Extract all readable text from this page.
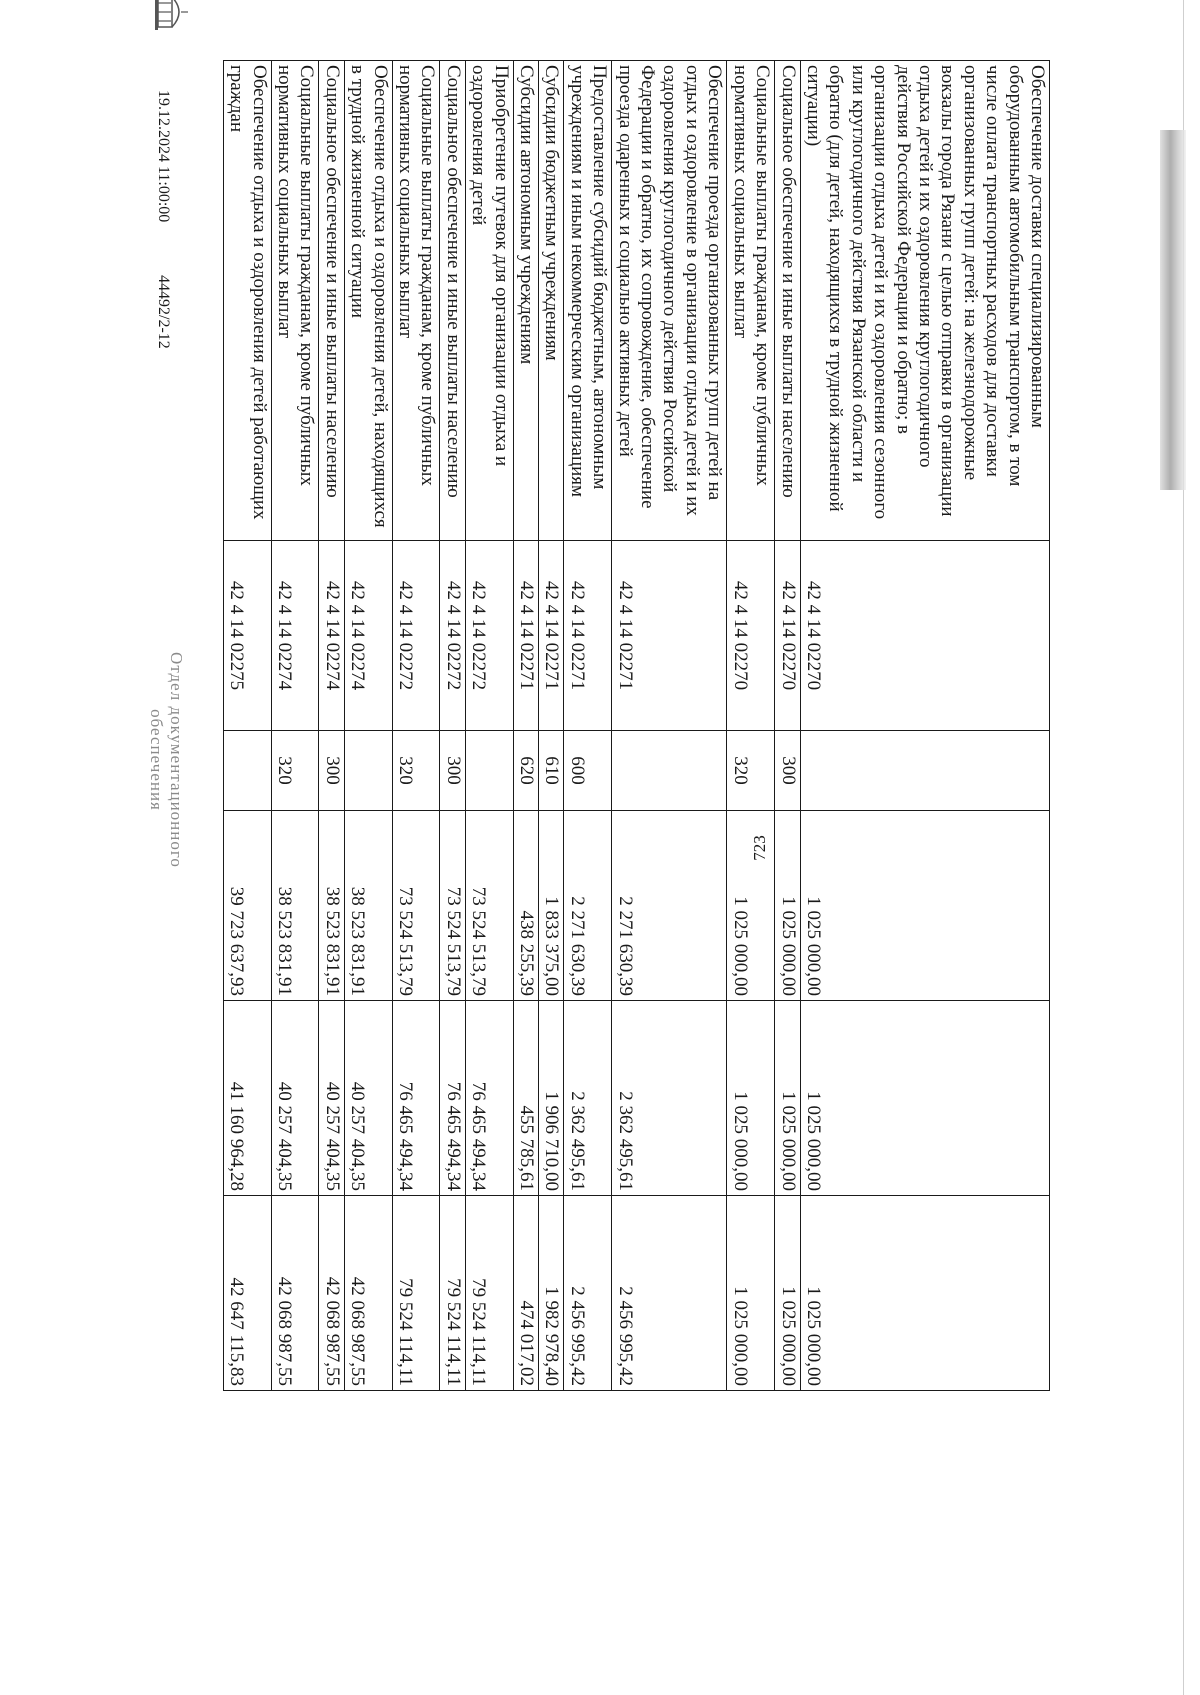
723
Обеспечение доставки специализированным оборудованным автомобильным транспортом, в том числе оплата транспортных расходов для доставки организованных групп детей: на железнодорожные вокзалы города Рязани с целью отправки в организации отдыха детей и их оздоровления круглогодичного действия Российской Федерации и обратно; в организации отдыха детей и их оздоровления сезонного или круглогодичного действия Рязанской области и обратно (для детей, находящихся в трудной жизненной ситуации)	42 4 14 02270		1 025 000,00	1 025 000,00	1 025 000,00
Социальное обеспечение и иные выплаты населению	42 4 14 02270	300	1 025 000,00	1 025 000,00	1 025 000,00
Социальные выплаты гражданам, кроме публичных нормативных социальных выплат	42 4 14 02270	320	1 025 000,00	1 025 000,00	1 025 000,00
Обеспечение проезда организованных групп детей на отдых и оздоровление в организации отдыха детей и их оздоровления круглогодичного действия Российской Федерации и обратно, их сопровождение, обеспечение проезда одаренных и социально активных детей	42 4 14 02271		2 271 630,39	2 362 495,61	2 456 995,42
Предоставление субсидий бюджетным, автономным учреждениям и иным некоммерческим организациям	42 4 14 02271	600	2 271 630,39	2 362 495,61	2 456 995,42
Субсидии бюджетным учреждениям	42 4 14 02271	610	1 833 375,00	1 906 710,00	1 982 978,40
Субсидии автономным учреждениям	42 4 14 02271	620	438 255,39	455 785,61	474 017,02
Приобретение путевок для организации отдыха и оздоровления детей	42 4 14 02272		73 524 513,79	76 465 494,34	79 524 114,11
Социальное обеспечение и иные выплаты населению	42 4 14 02272	300	73 524 513,79	76 465 494,34	79 524 114,11
Социальные выплаты гражданам, кроме публичных нормативных социальных выплат	42 4 14 02272	320	73 524 513,79	76 465 494,34	79 524 114,11
Обеспечение отдыха и оздоровления детей, находящихся в трудной жизненной ситуации	42 4 14 02274		38 523 831,91	40 257 404,35	42 068 987,55
Социальное обеспечение и иные выплаты населению	42 4 14 02274	300	38 523 831,91	40 257 404,35	42 068 987,55
Социальные выплаты гражданам, кроме публичных нормативных социальных выплат	42 4 14 02274	320	38 523 831,91	40 257 404,35	42 068 987,55
Обеспечение отдыха и оздоровления детей работающих граждан	42 4 14 02275		39 723 637,93	41 160 964,28	42 647 115,83
19.12.2024 11:00:00
44492/2-12
Отдел документационного
обеспечения
